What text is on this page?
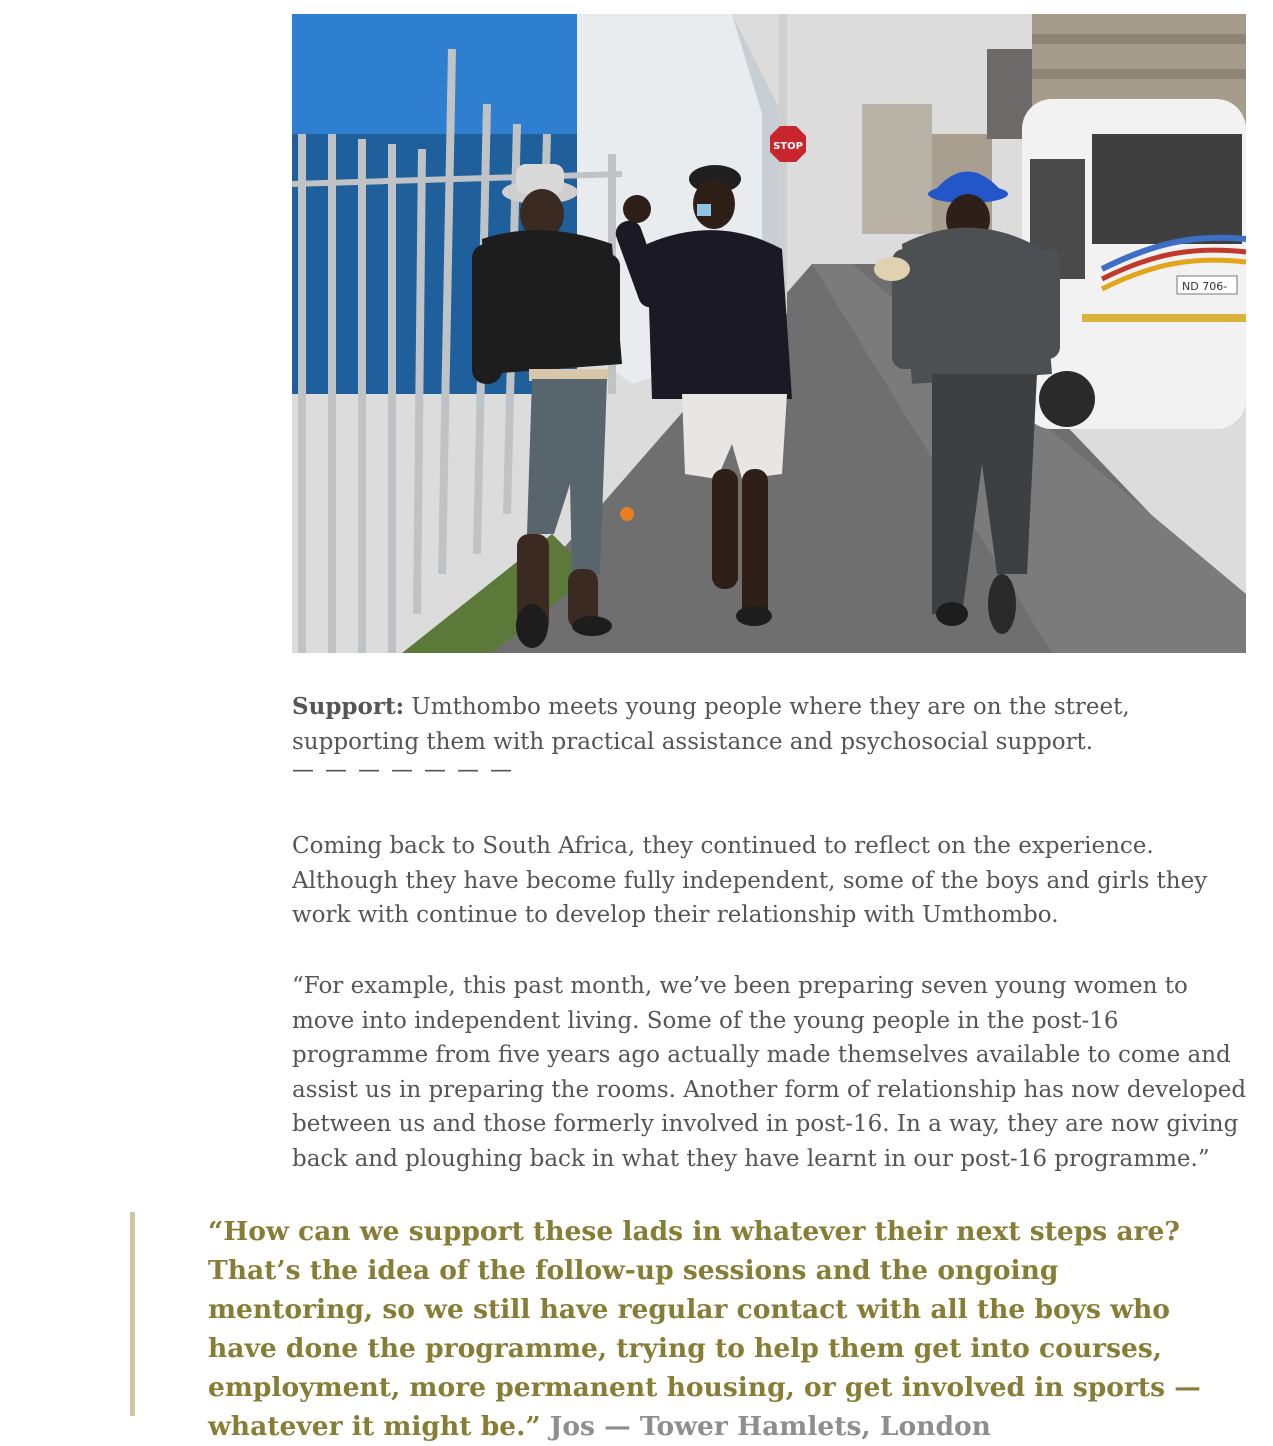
STOP
ND 706-
Support: Umthombo meets young people where they are on the street, supporting them with practical assistance and psychosocial support.
— — — — — — —

Coming back to South Africa, they continued to reflect on the experience. Although they have become fully independent, some of the boys and girls they work with continue to develop their relationship with Umthombo.

“For example, this past month, we’ve been preparing seven young women to move into independent living. Some of the young people in the post-16 programme from five years ago actually made themselves available to come and assist us in preparing the rooms. Another form of relationship has now developed between us and those formerly involved in post-16. In a way, they are now giving back and ploughing back in what they have learnt in our post-16 programme.”

“How can we support these lads in whatever their next steps are? That’s the idea of the follow-up sessions and the ongoing mentoring, so we still have regular contact with all the boys who have done the programme, trying to help them get into courses, employment, more permanent housing, or get involved in sports — whatever it might be.” Jos — Tower Hamlets, London
